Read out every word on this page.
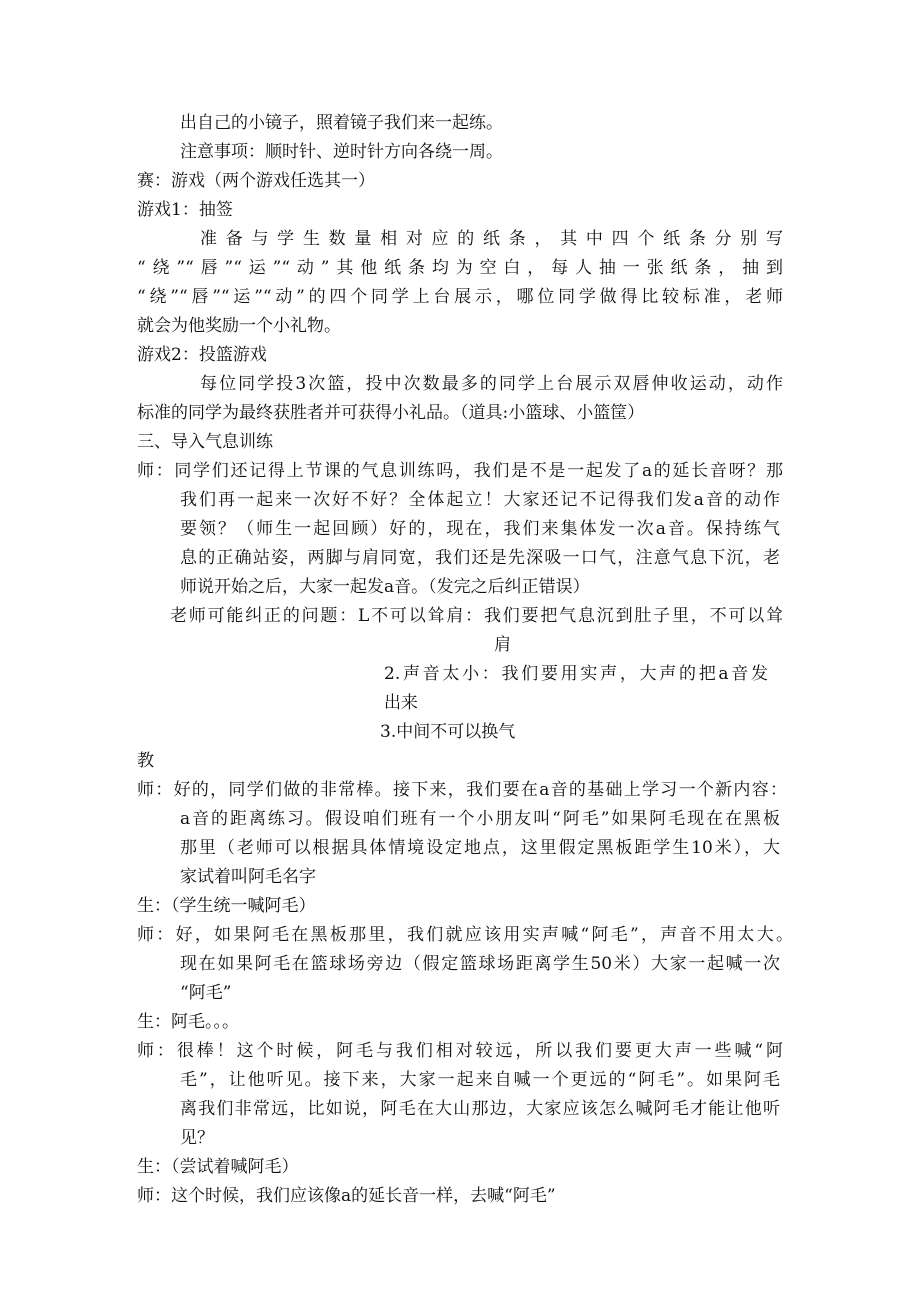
出自己的小镜子，照着镜子我们来一起练。
注意事项：顺时针、逆时针方向各绕一周。
赛：游戏（两个游戏任选其一）
游戏1：抽签
准备与学生数量相对应的纸条，其中四个纸条分别写
“绕”“唇”“运”“动”其他纸条均为空白，每人抽一张纸条，抽到
“绕”“唇”“运”“动”的四个同学上台展示，哪位同学做得比较标准，老师
就会为他奖励一个小礼物。
游戏2：投篮游戏
每位同学投3次篮，投中次数最多的同学上台展示双唇伸收运动，动作
标准的同学为最终获胜者并可获得小礼品。（道具:小篮球、小篮筐）
三、导入气息训练
师：同学们还记得上节课的气息训练吗，我们是不是一起发了a的延长音呀？那
我们再一起来一次好不好？全体起立！大家还记不记得我们发a音的动作
要领？（师生一起回顾）好的，现在，我们来集体发一次a音。保持练气
息的正确站姿，两脚与肩同宽，我们还是先深吸一口气，注意气息下沉，老
师说开始之后，大家一起发a音。（发完之后纠正错误）
老师可能纠正的问题：L不可以耸肩：我们要把气息沉到肚子里，不可以耸
肩
2.声音太小：我们要用实声，大声的把a音发
出来
3.中间不可以换气
教
师：好的，同学们做的非常棒。接下来，我们要在a音的基础上学习一个新内容：
a音的距离练习。假设咱们班有一个小朋友叫“阿毛”如果阿毛现在在黑板
那里（老师可以根据具体情境设定地点，这里假定黑板距学生10米），大
家试着叫阿毛名字
生：（学生统一喊阿毛）
师：好，如果阿毛在黑板那里，我们就应该用实声喊“阿毛”，声音不用太大。
现在如果阿毛在篮球场旁边（假定篮球场距离学生50米）大家一起喊一次
“阿毛”
生：阿毛。。。
师：很棒！这个时候，阿毛与我们相对较远，所以我们要更大声一些喊“阿
毛”，让他听见。接下来，大家一起来自喊一个更远的“阿毛”。如果阿毛
离我们非常远，比如说，阿毛在大山那边，大家应该怎么喊阿毛才能让他听
见？
生：（尝试着喊阿毛）
师：这个时候，我们应该像a的延长音一样，去喊“阿毛”
